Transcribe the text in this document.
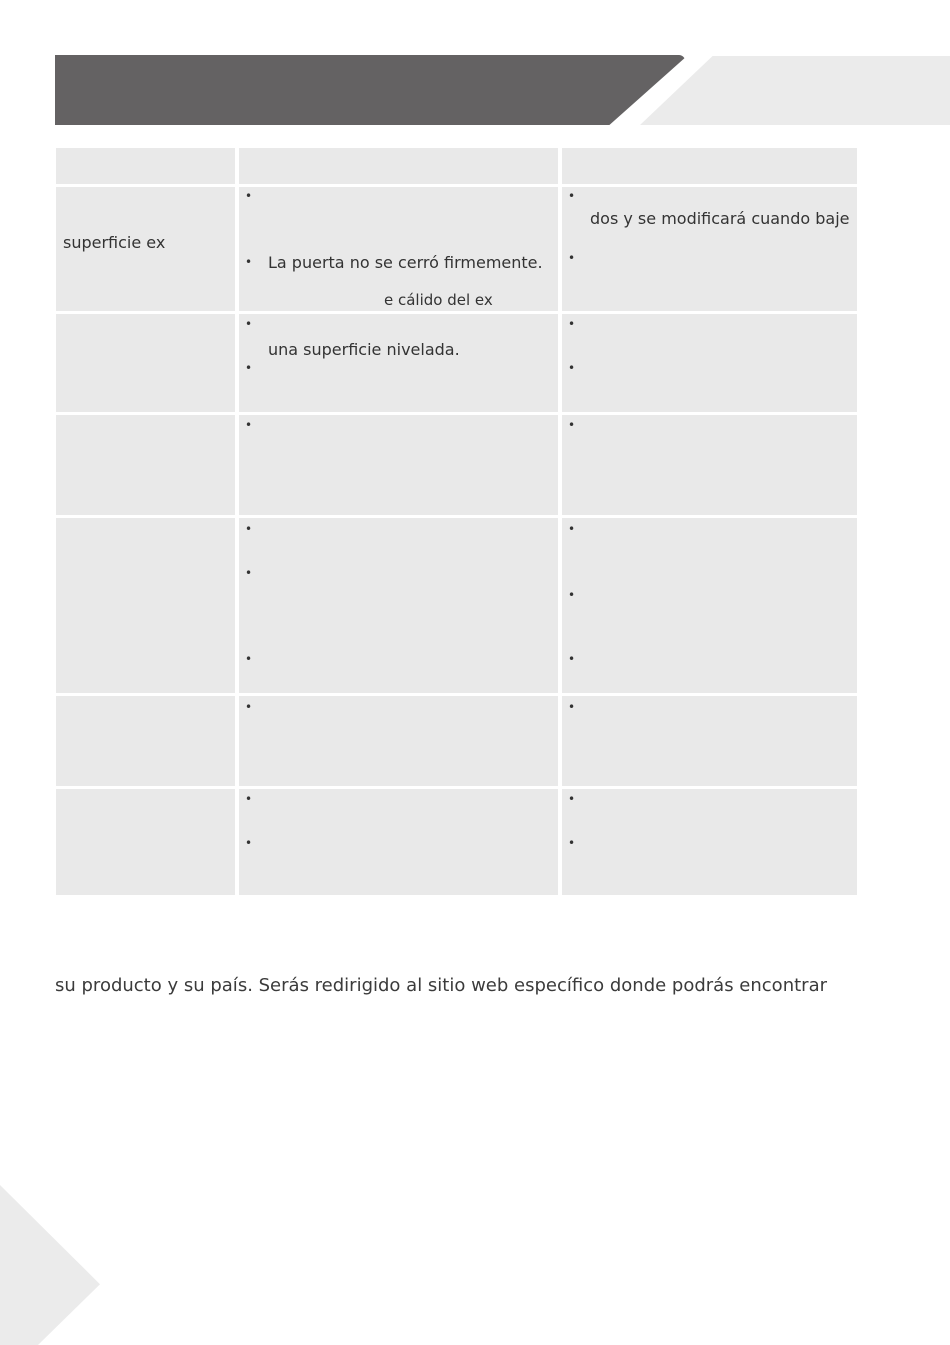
superficie ex
•
• La puerta no se cerró firmemente.
e cálido del ex
•
dos y se modificará cuando baje
•
•
una superficie nivelada.
•
•
•
•	•
•
•
•
•
•
•
•	•
•
•
•
•
su producto y su país. Serás redirigido al sitio web específico donde podrás encontrar
